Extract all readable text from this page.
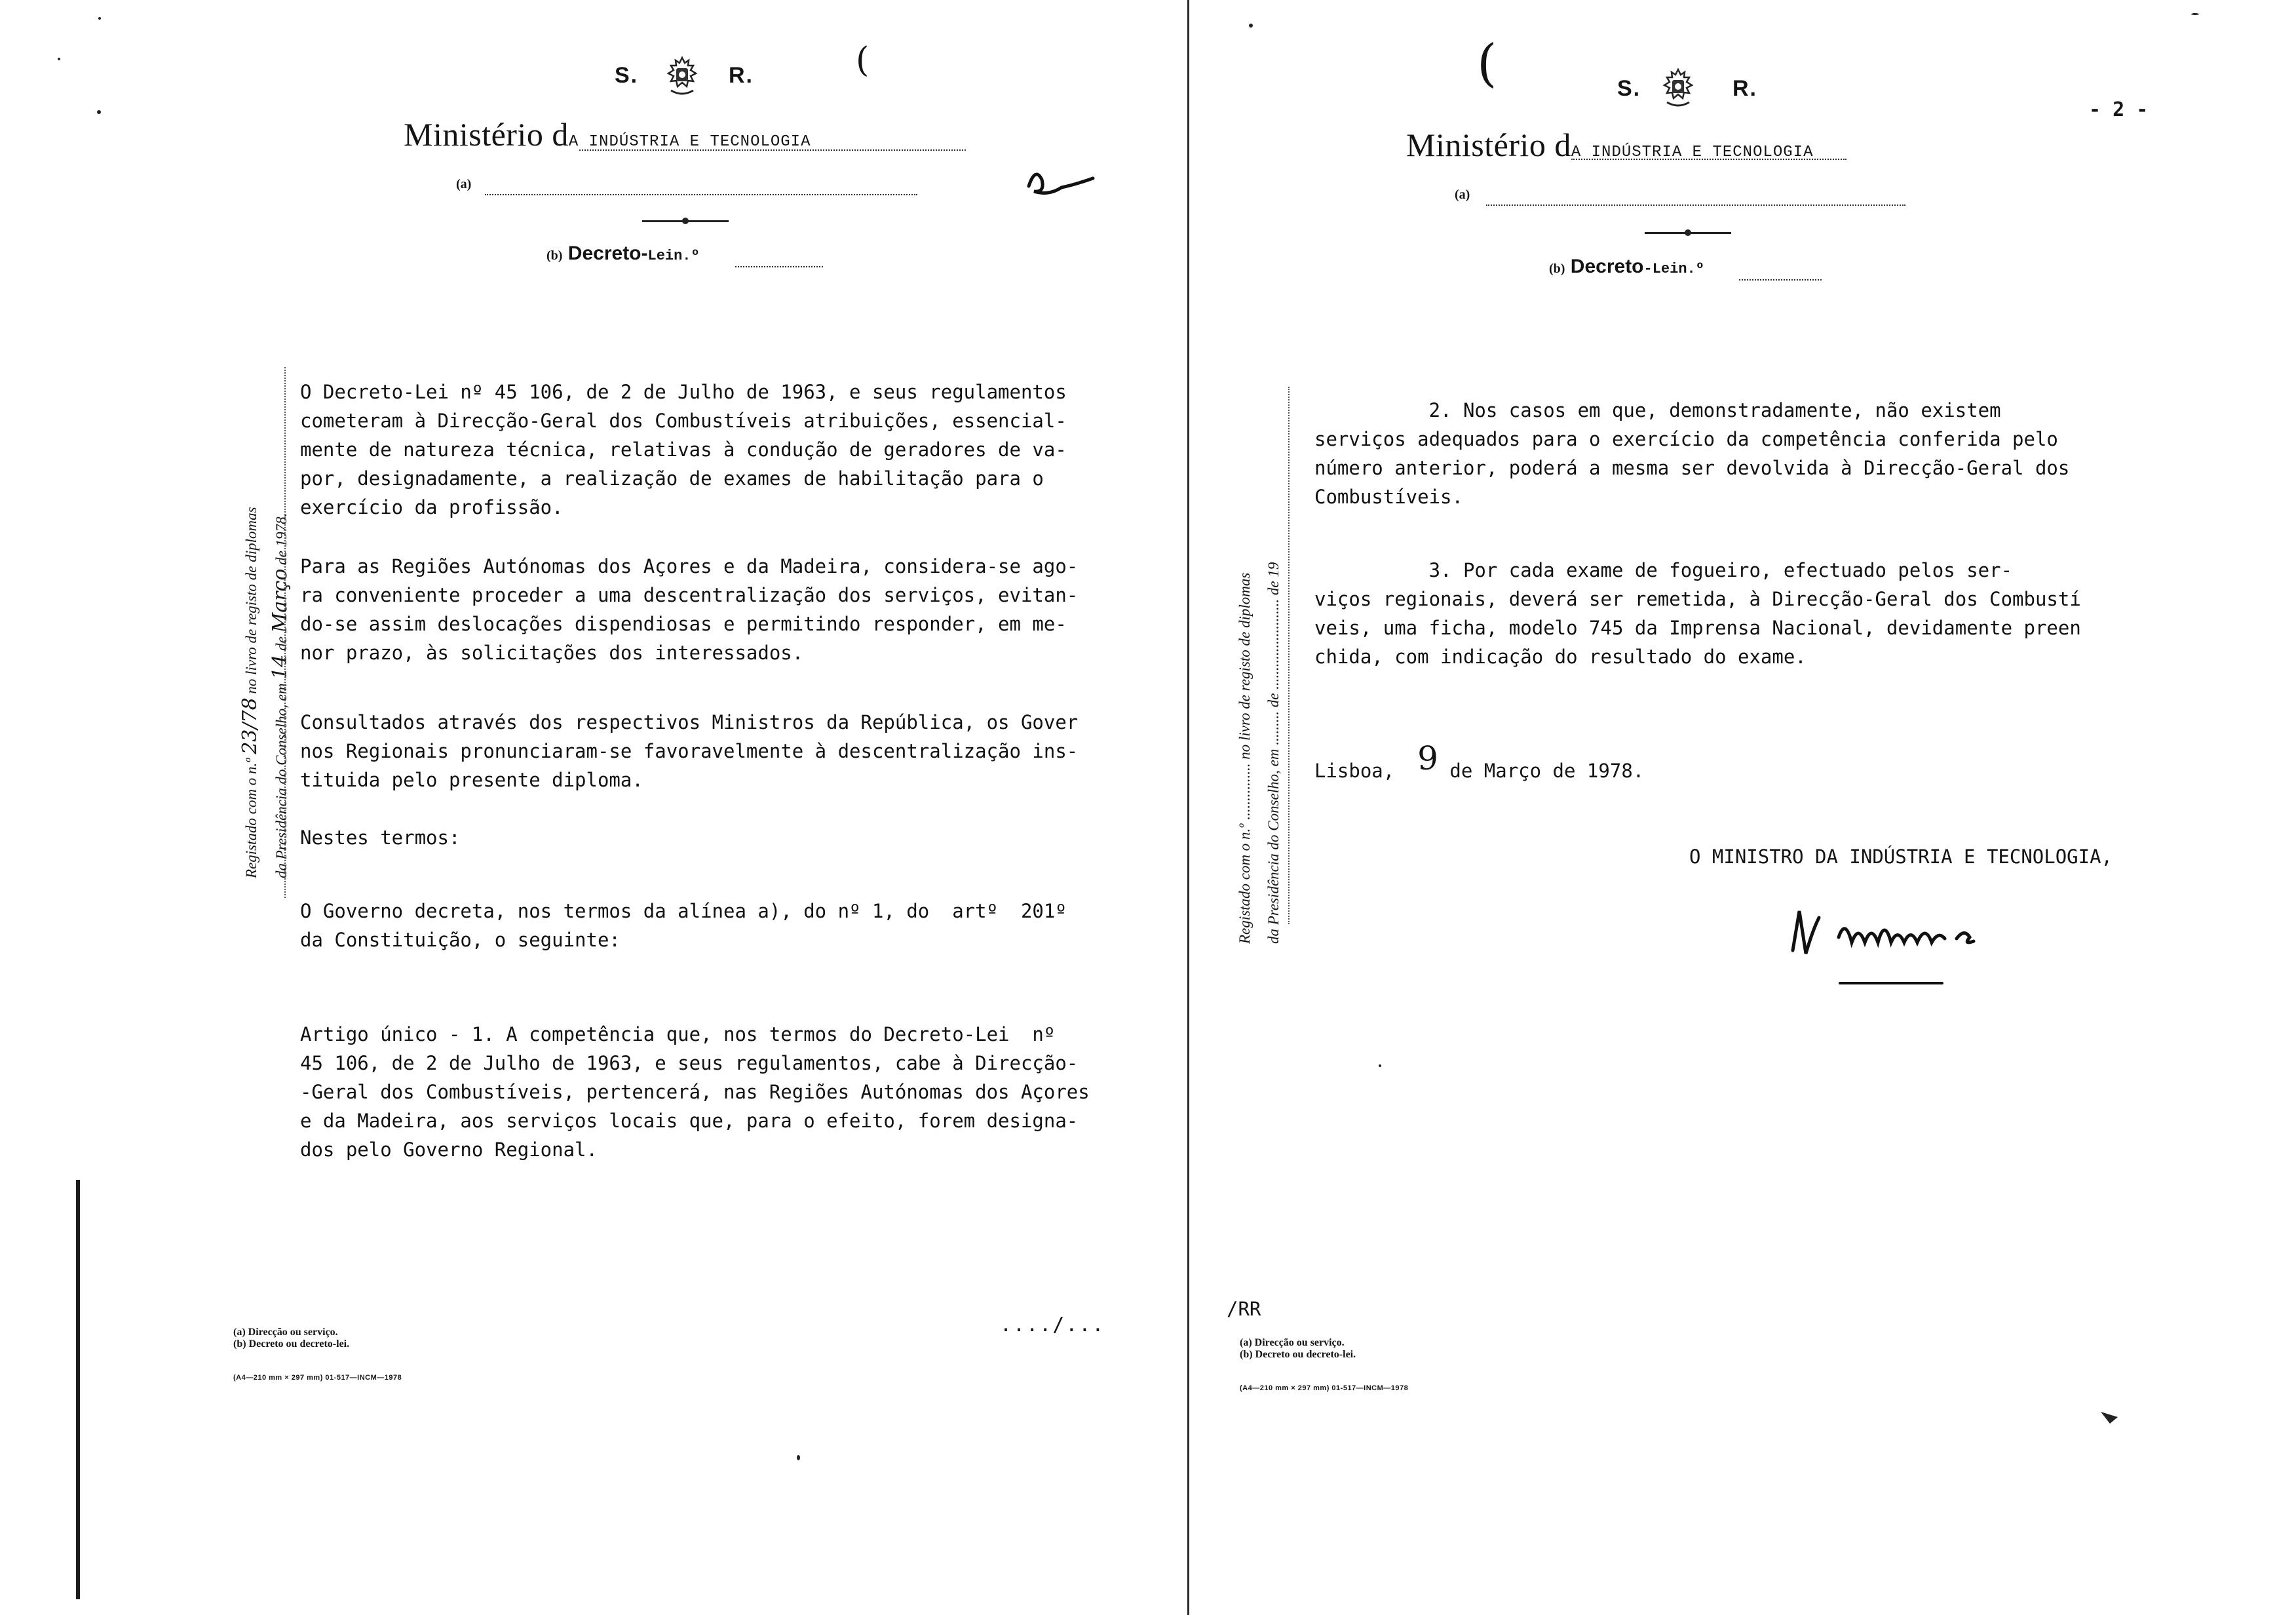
S.	R.	(
Ministério dA INDÚSTRIA E TECNOLOGIA
(a)
(b) Decreto-Lein.º
Registado com o n.º 23/78 no livro de registo de diplomas
da Presidência do Conselho, em 14 de Março de 1978.
O Decreto-Lei nº 45 106, de 2 de Julho de 1963, e seus regulamentos
cometeram à Direcção-Geral dos Combustíveis atribuições, essencial-
mente de natureza técnica, relativas à condução de geradores de va-
por, designadamente, a realização de exames de habilitação para o
exercício da profissão.
Para as Regiões Autónomas dos Açores e da Madeira, considera-se ago-
ra conveniente proceder a uma descentralização dos serviços, evitan-
do-se assim deslocações dispendiosas e permitindo responder, em me-
nor prazo, às solicitações dos interessados.
Consultados através dos respectivos Ministros da República, os Gover
nos Regionais pronunciaram-se favoravelmente à descentralização ins-
tituida pelo presente diploma.
Nestes termos:
O Governo decreta, nos termos da alínea a), do nº 1, do  artº  201º
da Constituição, o seguinte:
Artigo único - 1. A competência que, nos termos do Decreto-Lei  nº
45 106, de 2 de Julho de 1963, e seus regulamentos, cabe à Direcção-
-Geral dos Combustíveis, pertencerá, nas Regiões Autónomas dos Açores
e da Madeira, aos serviços locais que, para o efeito, forem designa-
dos pelo Governo Regional.
..../...
(a) Direcção ou serviço.
(b) Decreto ou decreto-lei.
(A4—210 mm × 297 mm) 01-517—INCM—1978
(	S.	R.
- 2 -
Ministério dA INDÚSTRIA E TECNOLOGIA
(a)
(b) Decreto-Lein.º
Registado com o n.º ............... no livro de registo de diplomas
da Presidência do Conselho, em ......... de ........................ de 19
2. Nos casos em que, demonstradamente, não existem
serviços adequados para o exercício da competência conferida pelo
número anterior, poderá a mesma ser devolvida à Direcção-Geral dos
Combustíveis.
3. Por cada exame de fogueiro, efectuado pelos ser-
viços regionais, deverá ser remetida, à Direcção-Geral dos Combustí
veis, uma ficha, modelo 745 da Imprensa Nacional, devidamente preen
chida, com indicação do resultado do exame.
Lisboa, 9 de Março de 1978.
O MINISTRO DA INDÚSTRIA E TECNOLOGIA,
/RR
(a) Direcção ou serviço.
(b) Decreto ou decreto-lei.
(A4—210 mm × 297 mm) 01-517—INCM—1978
